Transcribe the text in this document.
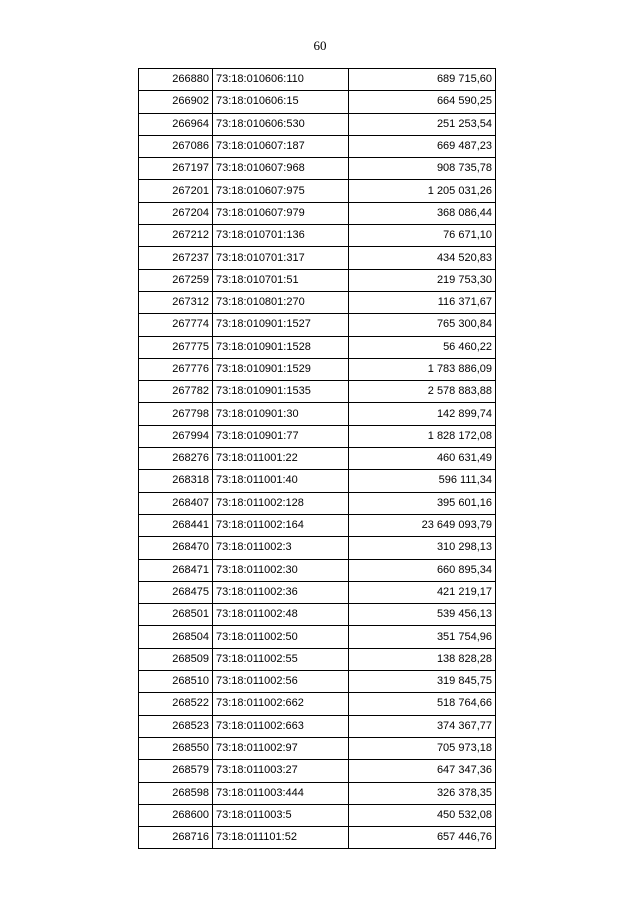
60
266880	73:18:010606:110	689 715,60
266902	73:18:010606:15	664 590,25
266964	73:18:010606:530	251 253,54
267086	73:18:010607:187	669 487,23
267197	73:18:010607:968	908 735,78
267201	73:18:010607:975	1 205 031,26
267204	73:18:010607:979	368 086,44
267212	73:18:010701:136	76 671,10
267237	73:18:010701:317	434 520,83
267259	73:18:010701:51	219 753,30
267312	73:18:010801:270	116 371,67
267774	73:18:010901:1527	765 300,84
267775	73:18:010901:1528	56 460,22
267776	73:18:010901:1529	1 783 886,09
267782	73:18:010901:1535	2 578 883,88
267798	73:18:010901:30	142 899,74
267994	73:18:010901:77	1 828 172,08
268276	73:18:011001:22	460 631,49
268318	73:18:011001:40	596 111,34
268407	73:18:011002:128	395 601,16
268441	73:18:011002:164	23 649 093,79
268470	73:18:011002:3	310 298,13
268471	73:18:011002:30	660 895,34
268475	73:18:011002:36	421 219,17
268501	73:18:011002:48	539 456,13
268504	73:18:011002:50	351 754,96
268509	73:18:011002:55	138 828,28
268510	73:18:011002:56	319 845,75
268522	73:18:011002:662	518 764,66
268523	73:18:011002:663	374 367,77
268550	73:18:011002:97	705 973,18
268579	73:18:011003:27	647 347,36
268598	73:18:011003:444	326 378,35
268600	73:18:011003:5	450 532,08
268716	73:18:011101:52	657 446,76
